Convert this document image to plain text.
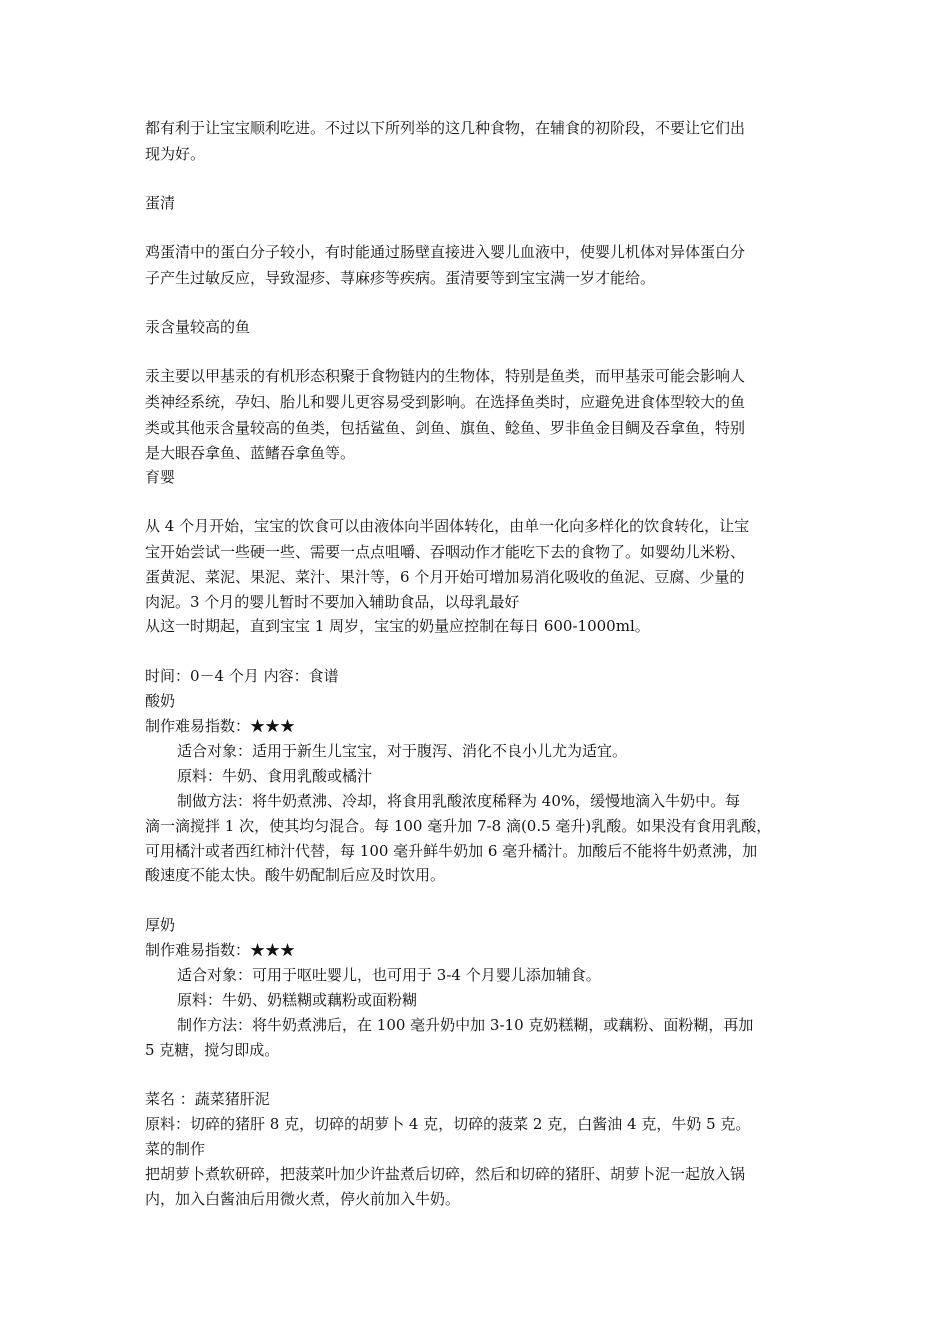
都有利于让宝宝顺利吃进。不过以下所列举的这几种食物，在辅食的初阶段，不要让它们出
现为好。
蛋清
鸡蛋清中的蛋白分子较小，有时能通过肠壁直接进入婴儿血液中，使婴儿机体对异体蛋白分
子产生过敏反应，导致湿疹、荨麻疹等疾病。蛋清要等到宝宝满一岁才能给。
汞含量较高的鱼
汞主要以甲基汞的有机形态积聚于食物链内的生物体，特别是鱼类，而甲基汞可能会影响人
类神经系统，孕妇、胎儿和婴儿更容易受到影响。在选择鱼类时，应避免进食体型较大的鱼
类或其他汞含量较高的鱼类，包括鲨鱼、剑鱼、旗鱼、鲶鱼、罗非鱼金目鲷及吞拿鱼，特别
是大眼吞拿鱼、蓝鳍吞拿鱼等。
育婴
从 4 个月开始，宝宝的饮食可以由液体向半固体转化，由单一化向多样化的饮食转化，让宝
宝开始尝试一些硬一些、需要一点点咀嚼、吞咽动作才能吃下去的食物了。如婴幼儿米粉、
蛋黄泥、菜泥、果泥、菜汁、果汁等，6 个月开始可增加易消化吸收的鱼泥、豆腐、少量的
肉泥。3 个月的婴儿暂时不要加入辅助食品，以母乳最好
从这一时期起，直到宝宝 1 周岁，宝宝的奶量应控制在每日 600-1000ml。
时间：0－4 个月 内容：食谱
酸奶
制作难易指数：★★★
适合对象：适用于新生儿宝宝，对于腹泻、消化不良小儿尤为适宜。
原料：牛奶、食用乳酸或橘汁
制做方法：将牛奶煮沸、冷却，将食用乳酸浓度稀释为 40%，缓慢地滴入牛奶中。每
滴一滴搅拌 1 次，使其均匀混合。每 100 毫升加 7-8 滴(0.5 毫升)乳酸。如果没有食用乳酸，
可用橘汁或者西红柿汁代替，每 100 毫升鲜牛奶加 6 毫升橘汁。加酸后不能将牛奶煮沸，加
酸速度不能太快。酸牛奶配制后应及时饮用。
厚奶
制作难易指数：★★★
适合对象：可用于呕吐婴儿，也可用于 3-4 个月婴儿添加辅食。
原料：牛奶、奶糕糊或藕粉或面粉糊
制作方法：将牛奶煮沸后，在 100 毫升奶中加 3-10 克奶糕糊，或藕粉、面粉糊，再加
5 克糖，搅匀即成。
菜名 ：蔬菜猪肝泥
原料：切碎的猪肝 8 克，切碎的胡萝卜 4 克，切碎的菠菜 2 克，白酱油 4 克，牛奶 5 克。
菜的制作
把胡萝卜煮软研碎，把菠菜叶加少许盐煮后切碎，然后和切碎的猪肝、胡萝卜泥一起放入锅
内，加入白酱油后用微火煮，停火前加入牛奶。
